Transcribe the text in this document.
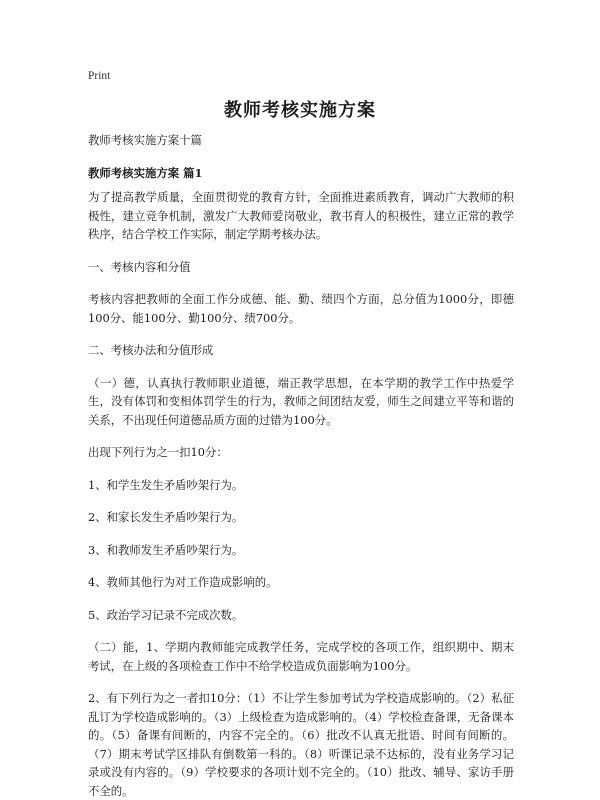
Print
教师考核实施方案

教师考核实施方案十篇

教师考核实施方案 篇1

为了提高教学质量，全面贯彻党的教育方针，全面推进素质教育，调动广大教师的积极性，建立竞争机制，激发广大教师爱岗敬业，教书育人的积极性，建立正常的教学秩序，结合学校工作实际，制定学期考核办法。

一、考核内容和分值

考核内容把教师的全面工作分成德、能、勤、绩四个方面，总分值为1000分，即德100分、能100分、勤100分、绩700分。

二、考核办法和分值形成

（一）德，认真执行教师职业道德，端正教学思想，在本学期的教学工作中热爱学生，没有体罚和变相体罚学生的行为，教师之间团结友爱，师生之间建立平等和谐的关系，不出现任何道德品质方面的过错为100分。

出现下列行为之一扣10分：

1、和学生发生矛盾吵架行为。

2、和家长发生矛盾吵架行为。

3、和教师发生矛盾吵架行为。

4、教师其他行为对工作造成影响的。

5、政治学习记录不完成次数。

（二）能，1、学期内教师能完成教学任务，完成学校的各项工作，组织期中、期末考试，在上级的各项检查工作中不给学校造成负面影响为100分。

2、有下列行为之一者扣10分：（1）不让学生参加考试为学校造成影响的。（2）私征乱订为学校造成影响的。（3）上级检查为造成影响的。（4）学校检查备课，无备课本的。（5）备课有间断的，内容不完全的。（6）批改不认真无批语、时间有间断的。（7）期末考试学区排队有倒数第一科的。（8）听课记录不达标的，没有业务学习记录或没有内容的。（9）学校要求的各项计划不完全的。（10）批改、辅导、家访手册不全的。
